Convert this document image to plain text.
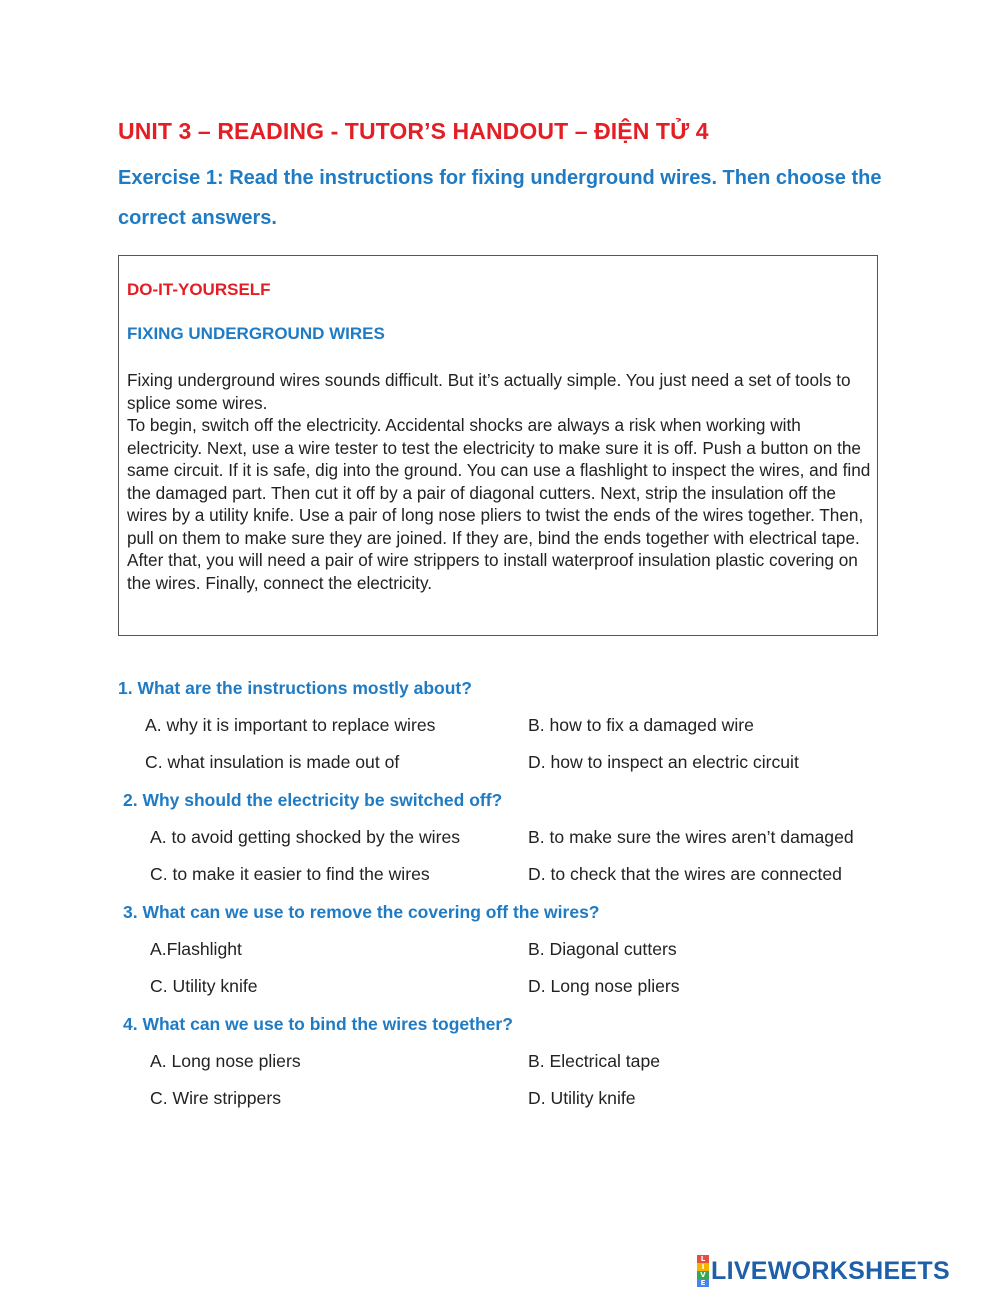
UNIT 3 – READING - TUTOR’S HANDOUT – ĐIỆN TỬ 4
Exercise 1: Read the instructions for fixing underground wires. Then choose the correct answers.
DO-IT-YOURSELF
FIXING UNDERGROUND WIRES

Fixing underground wires sounds difficult. But it’s actually simple. You just need a set of tools to splice some wires.

To begin, switch off the electricity. Accidental shocks are always a risk when working with electricity. Next, use a wire tester to test the electricity to make sure it is off. Push a button on the same circuit. If it is safe, dig into the ground. You can use a flashlight to inspect the wires, and find the damaged part. Then cut it off by a pair of diagonal cutters. Next, strip the insulation off the wires by a utility knife. Use a pair of long nose pliers to twist the ends of the wires together. Then, pull on them to make sure they are joined. If they are, bind the ends together with electrical tape. After that, you will need a pair of wire strippers to install waterproof insulation plastic covering on the wires. Finally, connect the electricity.

1. What are the instructions mostly about?
A. why it is important to replace wires	B. how to fix a damaged wire
C. what insulation is made out of	D. how to inspect an electric circuit
2. Why should the electricity be switched off?
A. to avoid getting shocked by the wires	B. to make sure the wires aren’t damaged
C. to make it easier to find the wires	D. to check that the wires are connected
3. What can we use to remove the covering off the wires?
A.Flashlight	B. Diagonal cutters
C. Utility knife	D. Long nose pliers
4. What can we use to bind the wires together?
A. Long nose pliers	B. Electrical tape
C. Wire strippers	D. Utility knife
L
I
V
E LIVEWORKSHEETS
